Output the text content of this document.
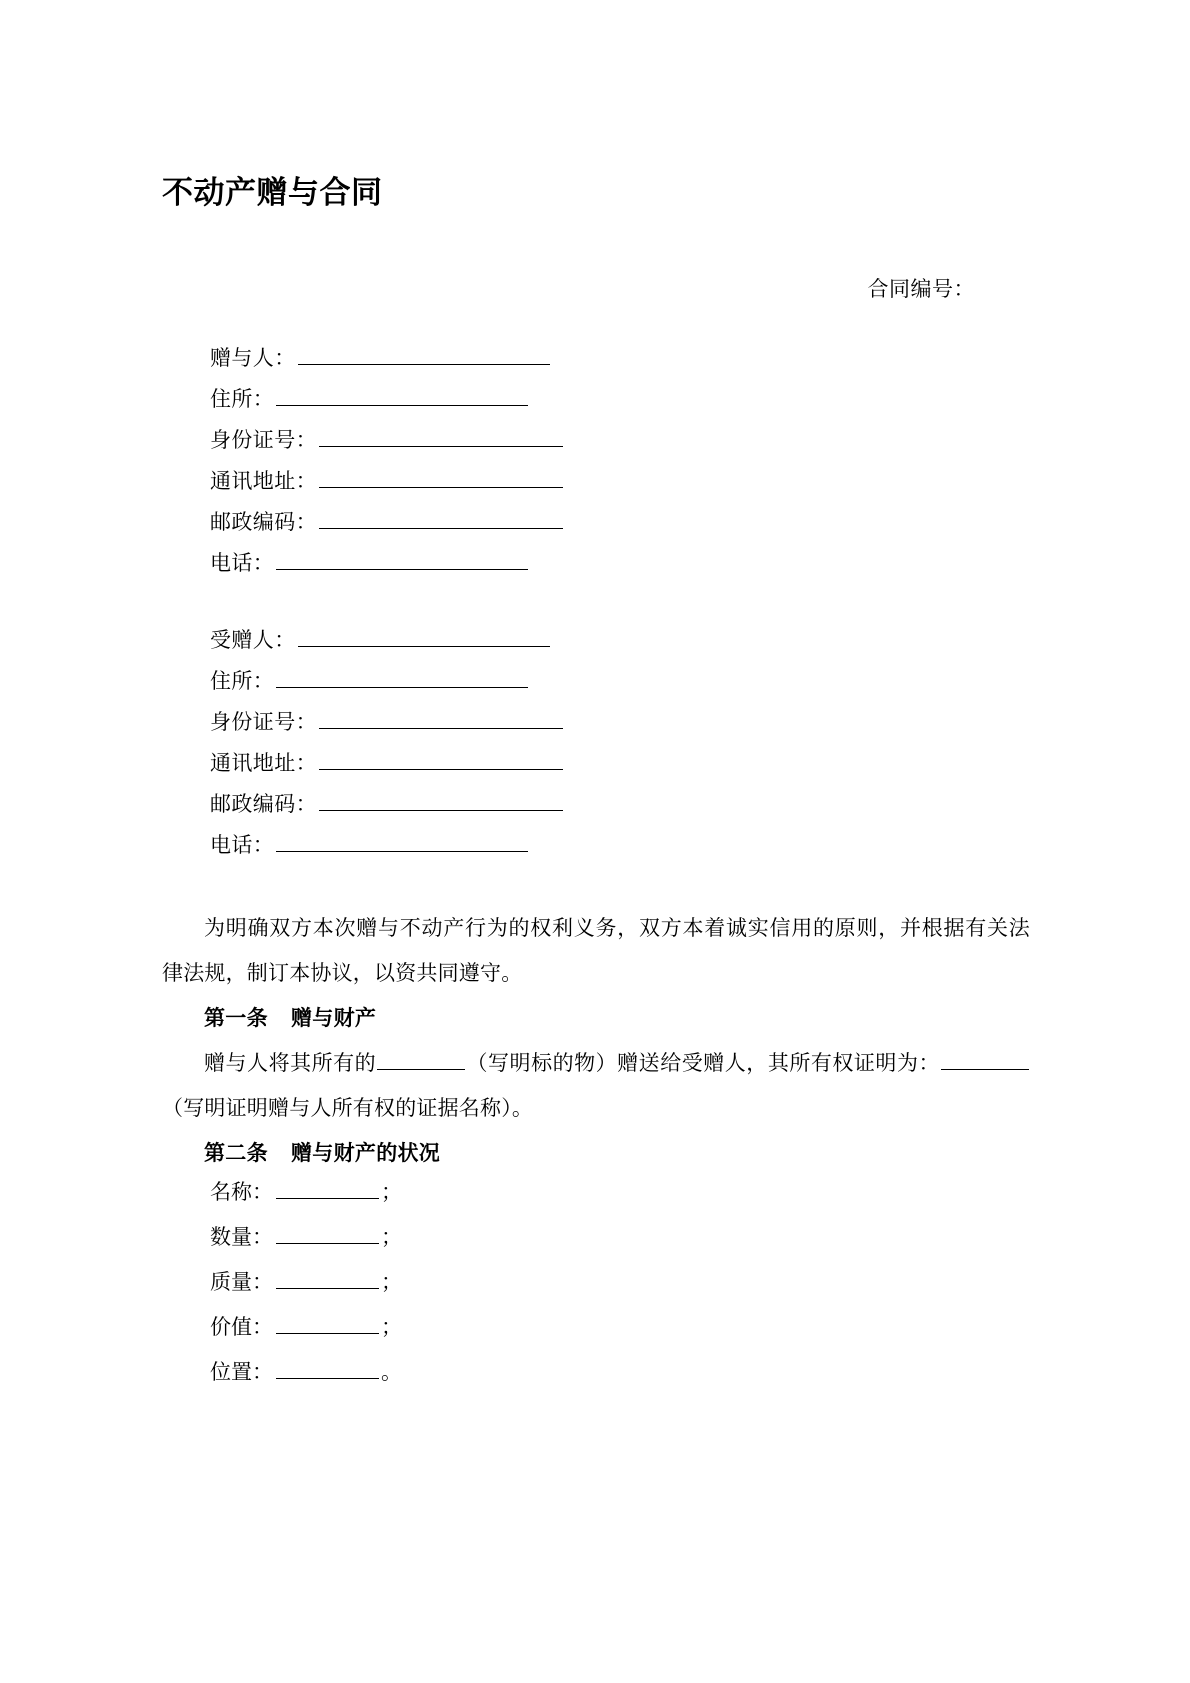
不动产赠与合同
合同编号：
赠与人：
住所：
身份证号：
通讯地址：
邮政编码：
电话：
受赠人：
住所：
身份证号：
通讯地址：
邮政编码：
电话：

为明确双方本次赠与不动产行为的权利义务，双方本着诚实信用的原则，并根据有关法律法规，制订本协议，以资共同遵守。

第一条 赠与财产

赠与人将其所有的	（写明标的物）赠送给受赠人，其所有权证明为：（写明证明赠与人所有权的证据名称）。

第二条 赠与财产的状况

名称：	；
数量：	；
质量：	；
价值：	；
位置：	。
